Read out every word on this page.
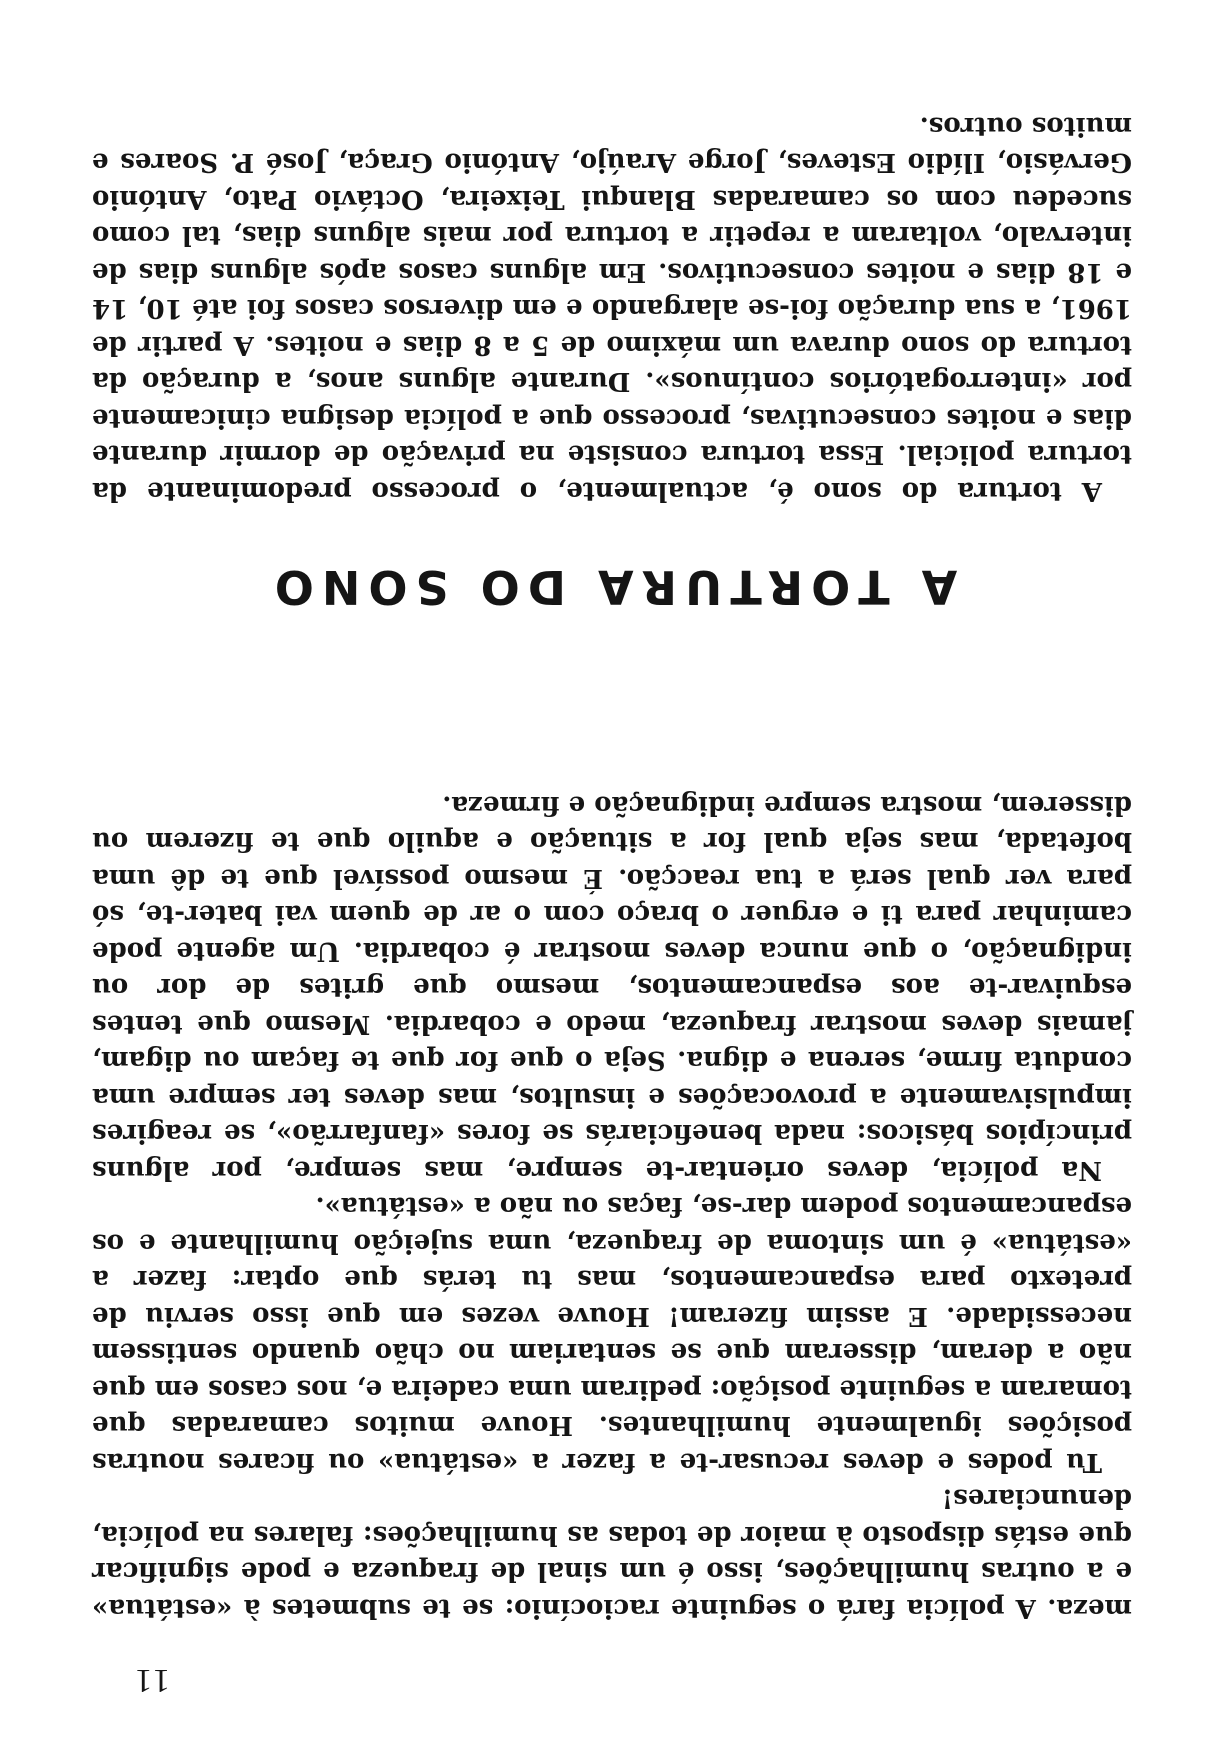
11

meza. A polícia fará o seguinte raciocínio: se te submetes à «estátua» e a outras humilhações, isso é um sinal de fraqueza e pode significar que estás disposto à maior de todas as humilhações: falares na polícia, denunciares!

Tu podes e deves recusar-te a fazer a «estátua» ou ficares noutras posições igualmente humilhantes. Houve muitos camaradas que tomaram a seguinte posição: pediram uma cadeira e, nos casos em que não a deram, disseram que se sentariam no chão quando sentissem necessidade. E assim fizeram! Houve vezes em que isso serviu de pretexto para espancamentos, mas tu terás que optar: fazer a «estátua» é um sintoma de fraqueza, uma sujeição humilhante e os espancamentos podem dar-se, faças ou não a «estátua».

Na polícia, deves orientar-te sempre, mas sempre, por alguns princípios básicos: nada beneficiarás se fores «fanfarrão», se reagires impulsivamente a provocações e insultos, mas deves ter sempre uma conduta firme, serena e digna. Seja o que for que te façam ou digam, jamais deves mostrar fraqueza, medo e cobardia. Mesmo que tentes esquivar-te aos espancamentos, mesmo que grites de dor ou indignação, o que nunca deves mostrar é cobardia. Um agente pode caminhar para ti e erguer o braço com o ar de quem vai bater-te, só para ver qual será a tua reacção. É mesmo possível que te dê uma bofetada, mas seja qual for a situação e aquilo que te fizerem ou disserem, mostra sempre indignação e firmeza.

A TORTURA DO SONO

A tortura do sono é, actualmente, o processo predominante da tortura policial. Essa tortura consiste na privação de dormir durante dias e noites consecutivas, processo que a polícia designa cinicamente por «interrogatórios contínuos». Durante alguns anos, a duração da tortura do sono durava um máximo de 5 a 8 dias e noites. A partir de 1961, a sua duração foi-se alargando e em diversos casos foi até 10, 14 e 18 dias e noites consecutivos. Em alguns casos após alguns dias de intervalo, voltaram a repetir a tortura por mais alguns dias, tal como sucedeu com os camaradas Blanqui Teixeira, Octávio Pato, António Gervásio, Ilídio Esteves, Jorge Araújo, António Graça, José P. Soares e muitos outros.
